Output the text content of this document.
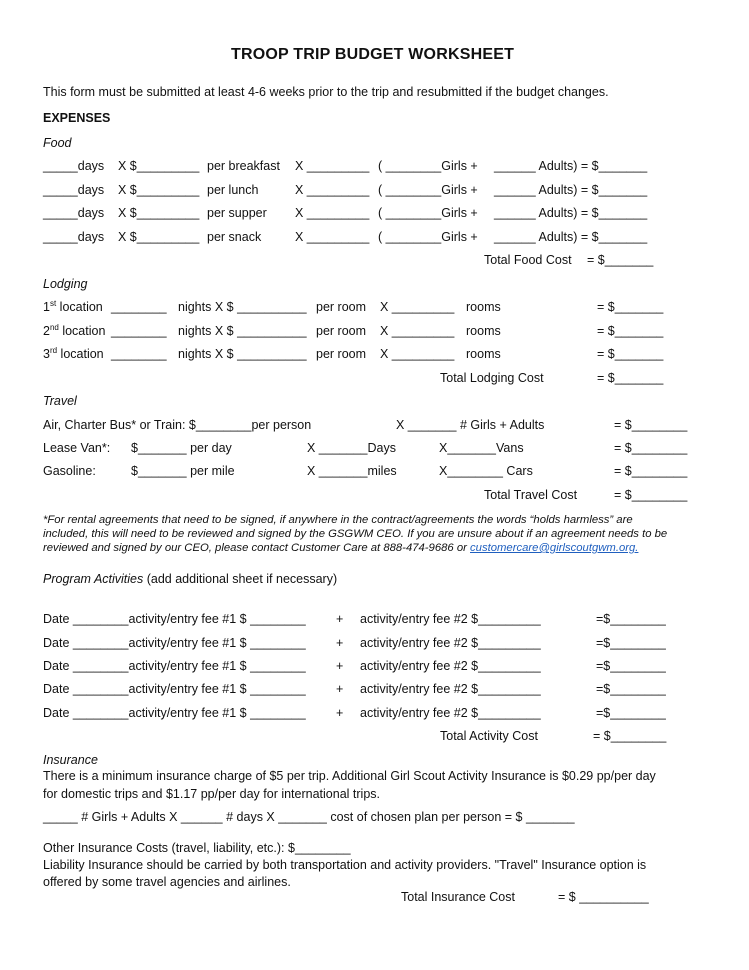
TROOP TRIP BUDGET WORKSHEET
This form must be submitted at least 4-6 weeks prior to the trip and resubmitted if the budget changes.
EXPENSES
Food
_____days X $_________ per breakfast X _________ ( ________Girls + ______ Adults) = $_______
_____days X $_________ per lunch	X _________ ( ________Girls + ______ Adults) = $_______
_____days X $_________ per supper X _________ ( ________Girls + ______ Adults) = $_______
_____days X $_________ per snack	X _________ ( ________Girls + ______ Adults) = $_______
Total Food Cost = $_______
Lodging
1st location ________ nights X $ __________ per room X _________ rooms	= $_______
2nd location ________ nights X $ __________ per room X _________ rooms	= $_______
3rd location ________ nights X $ __________ per room X _________ rooms	= $_______
Total Lodging Cost	= $_______
Travel
Air, Charter Bus* or Train: $________per person	X _______ # Girls + Adults	= $________
Lease Van*: $_______ per day	X _______Days	X_______Vans	= $________
Gasoline:	$_______ per mile	X _______miles	X________ Cars	= $________
Total Travel Cost	= $________
*For rental agreements that need to be signed, if anywhere in the contract/agreements the words “holds harmless” are
included, this will need to be reviewed and signed by the GSGWM CEO. If you are unsure about if an agreement needs to be
reviewed and signed by our CEO, please contact Customer Care at 888-474-9686 or customercare@girlscoutgwm.org.
Program Activities (add additional sheet if necessary)
Date ________activity/entry fee #1 $ ________ + activity/entry fee #2 $_________	=$________
Date ________activity/entry fee #1 $ ________ + activity/entry fee #2 $_________	=$________
Date ________activity/entry fee #1 $ ________ + activity/entry fee #2 $_________	=$________
Date ________activity/entry fee #1 $ ________ + activity/entry fee #2 $_________	=$________
Date ________activity/entry fee #1 $ ________ + activity/entry fee #2 $_________	=$________
Total Activity Cost	= $________
Insurance
There is a minimum insurance charge of $5 per trip. Additional Girl Scout Activity Insurance is $0.29 pp/per day
for domestic trips and $1.17 pp/per day for international trips.
_____ # Girls + Adults X ______ # days X _______ cost of chosen plan per person = $ _______
Other Insurance Costs (travel, liability, etc.): $________
Liability Insurance should be carried by both transportation and activity providers. "Travel" Insurance option is
offered by some travel agencies and airlines.
Total Insurance Cost	= $ __________
